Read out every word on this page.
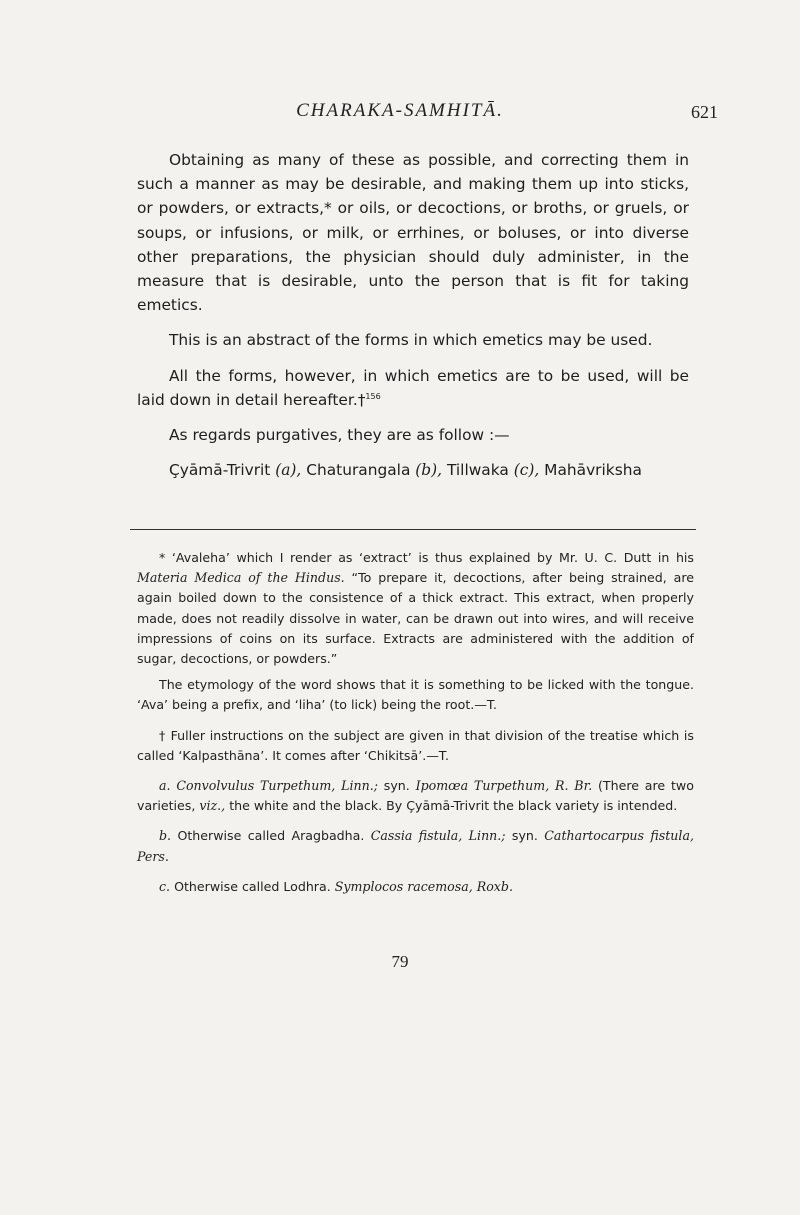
CHARAKA-SAMHITĀ.	621

Obtaining as many of these as possible, and correcting them in such a manner as may be desirable, and making them up into sticks, or powders, or extracts,* or oils, or decoctions, or broths, or gruels, or soups, or infusions, or milk, or errhines, or boluses, or into diverse other preparations, the physician should duly administer, in the measure that is desirable, unto the person that is fit for taking emetics.

This is an abstract of the forms in which emetics may be used.

All the forms, however, in which emetics are to be used, will be laid down in detail hereafter.†$^{156}$

As regards purgatives, they are as follow :—

Çyāmā-Trivrit (a), Chaturangala (b), Tillwaka (c), Mahāvriksha

* ‘Avaleha’ which I render as ‘extract’ is thus explained by Mr. U. C. Dutt in his Materia Medica of the Hindus. “To prepare it, decoctions, after being strained, are again boiled down to the consistence of a thick extract. This extract, when properly made, does not readily dissolve in water, can be drawn out into wires, and will receive impressions of coins on its surface. Extracts are administered with the addition of sugar, decoctions, or powders.”

The etymology of the word shows that it is something to be licked with the tongue. ‘Ava’ being a prefix, and ‘liha’ (to lick) being the root.—T.

† Fuller instructions on the subject are given in that division of the treatise which is called ‘Kalpasthāna’. It comes after ‘Chikitsā’.—T.

a. Convolvulus Turpethum, Linn.; syn. Ipomœa Turpethum, R. Br. (There are two varieties, viz., the white and the black. By Çyāmā-Trivrit the black variety is intended.

b. Otherwise called Aragbadha. Cassia fistula, Linn.; syn. Cathartocarpus fistula, Pers.

c. Otherwise called Lodhra. Symplocos racemosa, Roxb.

79
